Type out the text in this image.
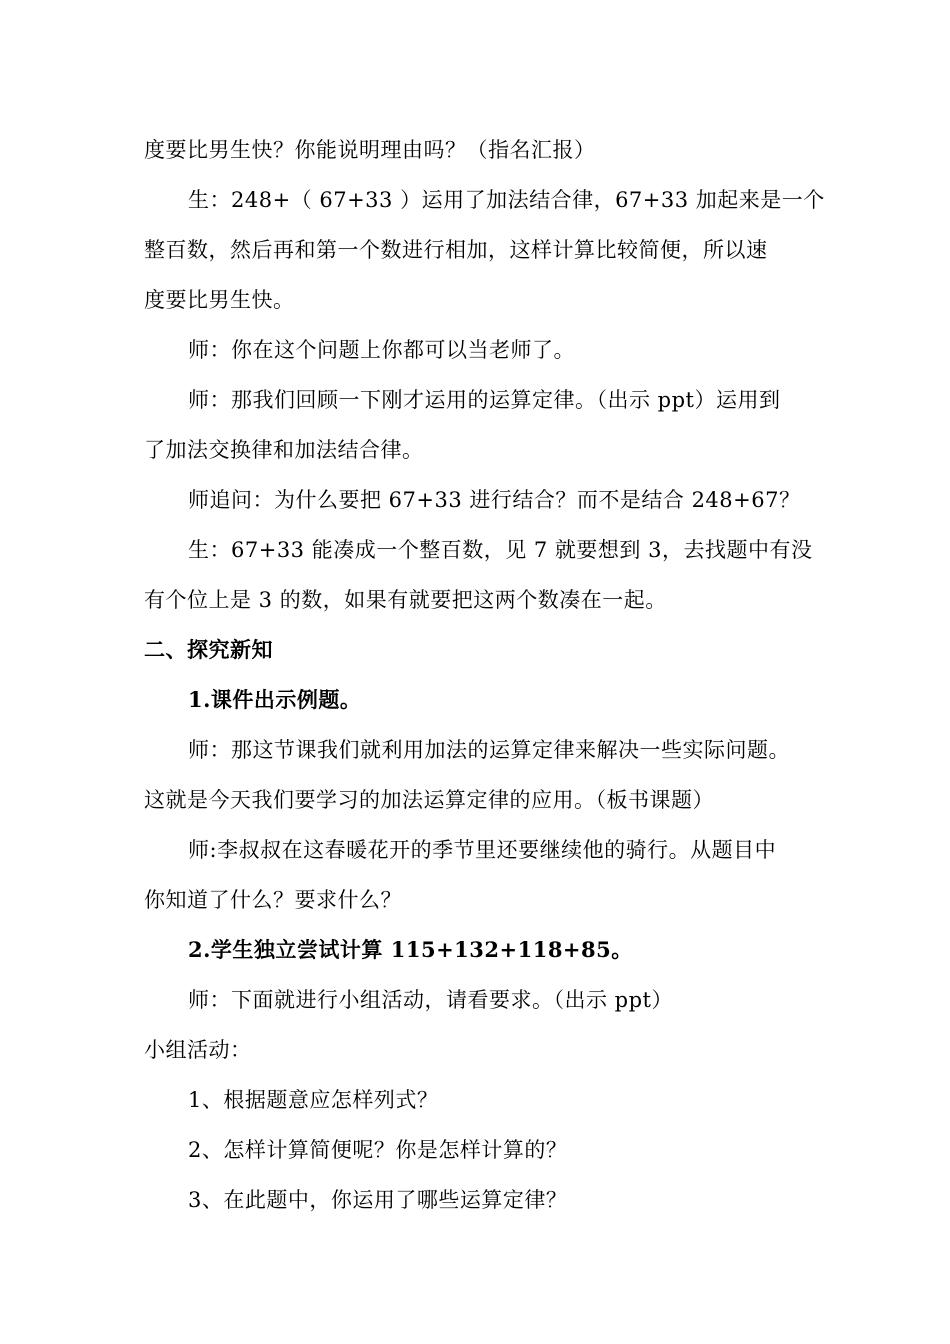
度要比男生快？你能说明理由吗？（指名汇报）
生：248+（ 67+33 ）运用了加法结合律，67+33 加起来是一个
整百数，然后再和第一个数进行相加，这样计算比较简便，所以速
度要比男生快。
师：你在这个问题上你都可以当老师了。
师：那我们回顾一下刚才运用的运算定律。（出示 ppt）运用到
了加法交换律和加法结合律。
师追问：为什么要把 67+33 进行结合？而不是结合 248+67？
生：67+33 能凑成一个整百数，见 7 就要想到 3，去找题中有没
有个位上是 3 的数，如果有就要把这两个数凑在一起。
二、探究新知
1.课件出示例题。
师：那这节课我们就利用加法的运算定律来解决一些实际问题。
这就是今天我们要学习的加法运算定律的应用。（板书课题）
师:李叔叔在这春暖花开的季节里还要继续他的骑行。从题目中
你知道了什么？要求什么？
2.学生独立尝试计算 115+132+118+85。
师：下面就进行小组活动，请看要求。（出示 ppt）
小组活动：
1、根据题意应怎样列式？
2、怎样计算简便呢？你是怎样计算的？
3、在此题中，你运用了哪些运算定律？
